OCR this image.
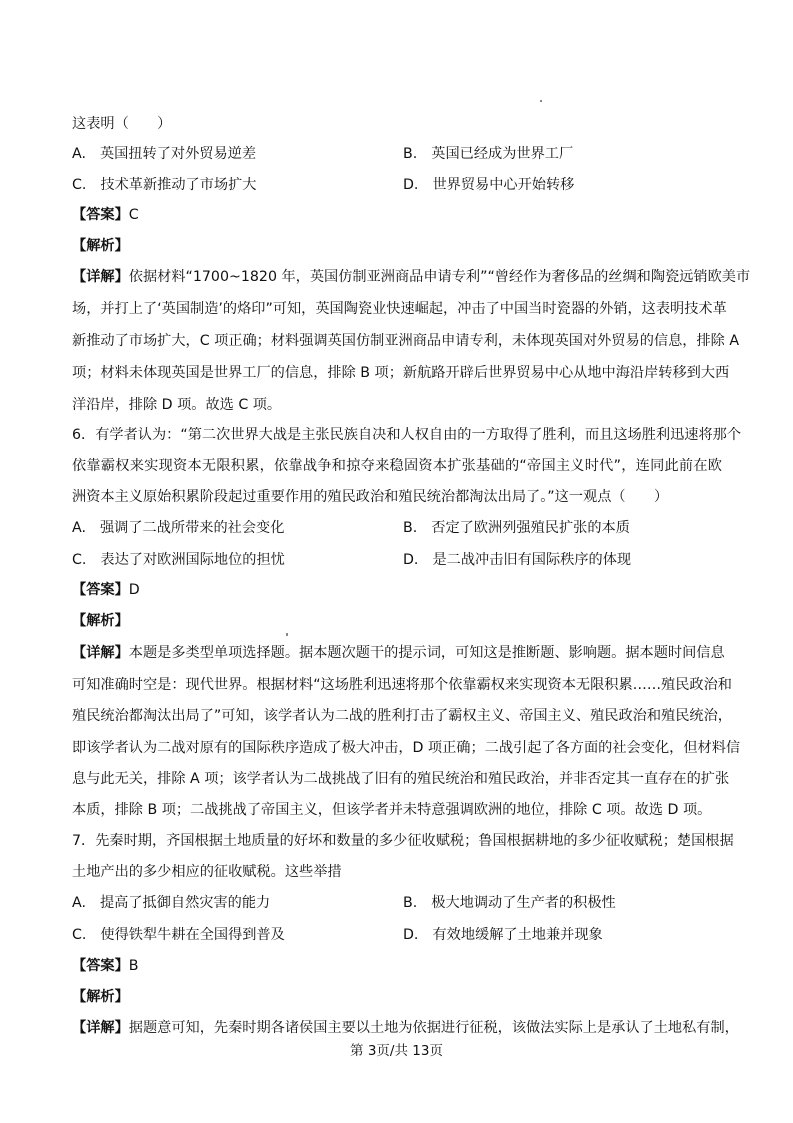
这表明（　　）
A. 英国扭转了对外贸易逆差	B. 英国已经成为世界工厂
C. 技术革新推动了市场扩大	D. 世界贸易中心开始转移
【答案】C
【解析】
【详解】依据材料“1700~1820 年，英国仿制亚洲商品申请专利”“曾经作为奢侈品的丝绸和陶瓷远销欧美市
场，并打上了‘英国制造’的烙印”可知，英国陶瓷业快速崛起，冲击了中国当时瓷器的外销，这表明技术革
新推动了市场扩大，C 项正确；材料强调英国仿制亚洲商品申请专利，未体现英国对外贸易的信息，排除 A
项；材料未体现英国是世界工厂的信息，排除 B 项；新航路开辟后世界贸易中心从地中海沿岸转移到大西
洋沿岸，排除 D 项。故选 C 项。
6．有学者认为：“第二次世界大战是主张民族自决和人权自由的一方取得了胜利，而且这场胜利迅速将那个
依靠霸权来实现资本无限积累，依靠战争和掠夺来稳固资本扩张基础的“帝国主义时代”，连同此前在欧
洲资本主义原始积累阶段起过重要作用的殖民政治和殖民统治都淘汰出局了。”这一观点（　　）
A. 强调了二战所带来的社会变化	B. 否定了欧洲列强殖民扩张的本质
C. 表达了对欧洲国际地位的担忧	D. 是二战冲击旧有国际秩序的体现
【答案】D
【解析】
【详解】本题是多类型单项选择题。据本题次题干的提示词，可知这是推断题、影响题。据本题时间信息
可知准确时空是：现代世界。根据材料“这场胜利迅速将那个依靠霸权来实现资本无限积累……殖民政治和
殖民统治都淘汰出局了”可知，该学者认为二战的胜利打击了霸权主义、帝国主义、殖民政治和殖民统治，
即该学者认为二战对原有的国际秩序造成了极大冲击，D 项正确；二战引起了各方面的社会变化，但材料信
息与此无关，排除 A 项；该学者认为二战挑战了旧有的殖民统治和殖民政治，并非否定其一直存在的扩张
本质，排除 B 项；二战挑战了帝国主义，但该学者并未特意强调欧洲的地位，排除 C 项。故选 D 项。
7．先秦时期，齐国根据土地质量的好坏和数量的多少征收赋税；鲁国根据耕地的多少征收赋税；楚国根据
土地产出的多少相应的征收赋税。这些举措
A. 提高了抵御自然灾害的能力	B. 极大地调动了生产者的积极性
C. 使得铁犁牛耕在全国得到普及	D. 有效地缓解了土地兼并现象
【答案】B
【解析】
【详解】据题意可知，先秦时期各诸侯国主要以土地为依据进行征税，该做法实际上是承认了土地私有制，
第 3页/共 13页
